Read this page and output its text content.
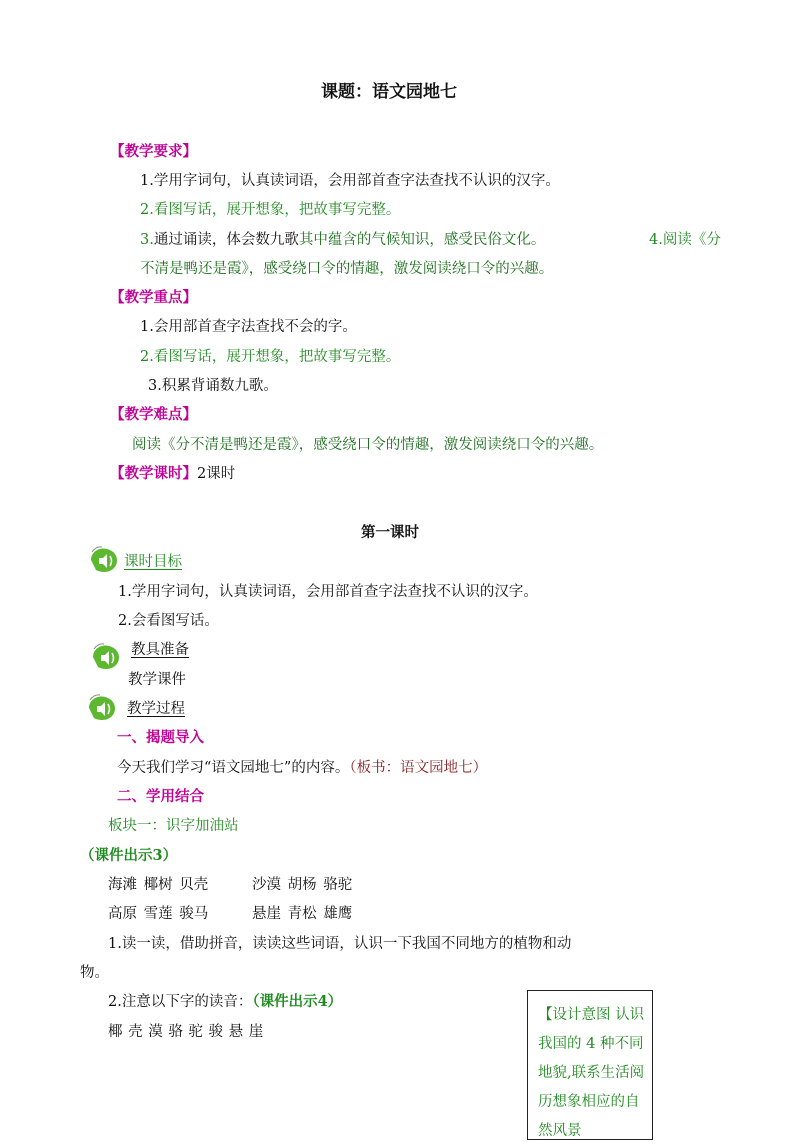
课题：语文园地七
【教学要求】
1.学用字词句，认真读词语，会用部首查字法查找不认识的汉字。
2.看图写话，展开想象，把故事写完整。
3.通过诵读，体会数九歌其中蕴含的气候知识，感受民俗文化。	4.阅读《分
不清是鸭还是霞》，感受绕口令的情趣，激发阅读绕口令的兴趣。
【教学重点】
1.会用部首查字法查找不会的字。
2.看图写话，展开想象，把故事写完整。
3.积累背诵数九歌。
【教学难点】
阅读《分不清是鸭还是霞》，感受绕口令的情趣，激发阅读绕口令的兴趣。
【教学课时】2课时
第一课时
课时目标
1.学用字词句，认真读词语，会用部首查字法查找不认识的汉字。
2.会看图写话。
教具准备
教学课件
教学过程
一、揭题导入
今天我们学习“语文园地七”的内容。（板书：语文园地七）
二、学用结合
板块一：识字加油站
（课件出示3）
海滩 椰树 贝壳	沙漠 胡杨 骆驼
高原 雪莲 骏马	悬崖 青松 雄鹰
1.读一读，借助拼音，读读这些词语，认识一下我国不同地方的植物和动
物。
2.注意以下字的读音：（课件出示4）
椰 壳 漠 骆 驼 骏 悬 崖
【设计意图 认识我国的 4 种不同地貌,联系生活阅历想象相应的自然风景
